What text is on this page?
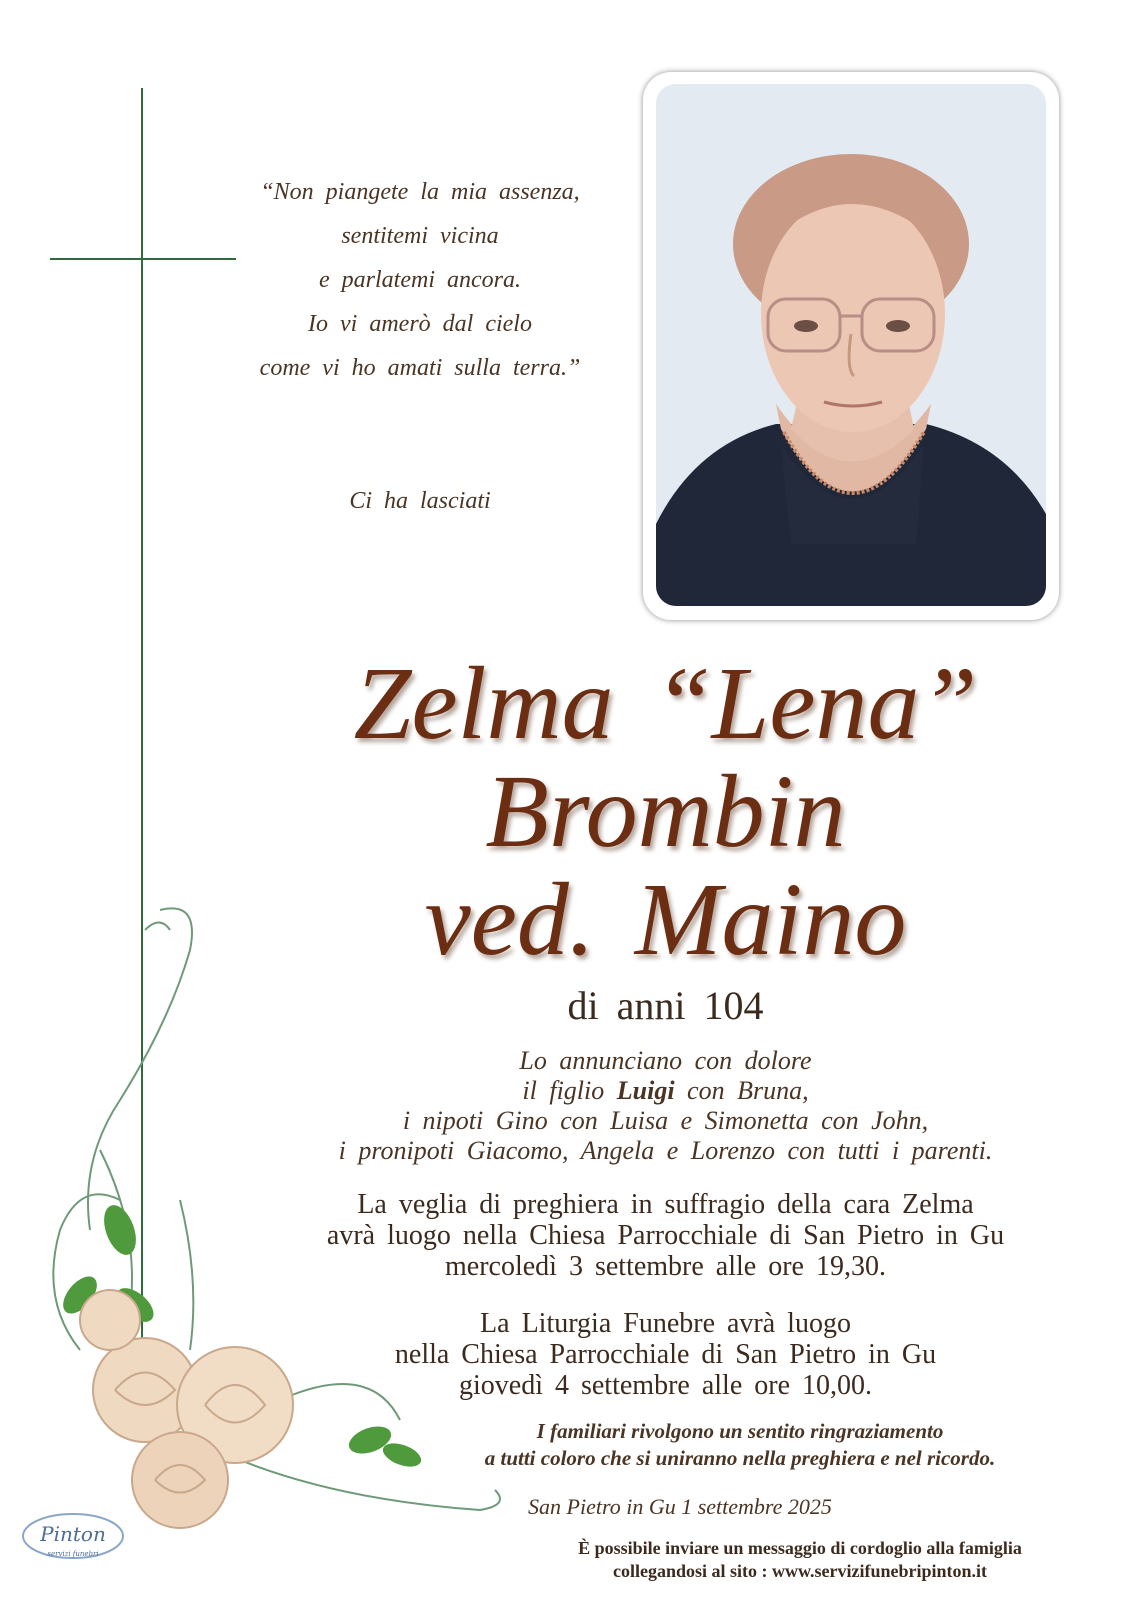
“Non piangete la mia assenza,
sentitemi vicina
e parlatemi ancora.
Io vi amerò dal cielo
come vi ho amati sulla terra.”
Ci ha lasciati
Zelma “Lena”
Brombin
ved. Maino
di anni 104
Lo annunciano con dolore
il figlio Luigi con Bruna,
i nipoti Gino con Luisa e Simonetta con John,
i pronipoti Giacomo, Angela e Lorenzo con tutti i parenti.
La veglia di preghiera in suffragio della cara Zelma
avrà luogo nella Chiesa Parrocchiale di San Pietro in Gu
mercoledì 3 settembre alle ore 19,30.
La Liturgia Funebre avrà luogo
nella Chiesa Parrocchiale di San Pietro in Gu
giovedì 4 settembre alle ore 10,00.
I familiari rivolgono un sentito ringraziamento
a tutti coloro che si uniranno nella preghiera e nel ricordo.
San Pietro in Gu 1 settembre 2025
È possibile inviare un messaggio di cordoglio alla famiglia
collegandosi al sito : www.servizifunebripinton.it
Pinton
servizi funebri
